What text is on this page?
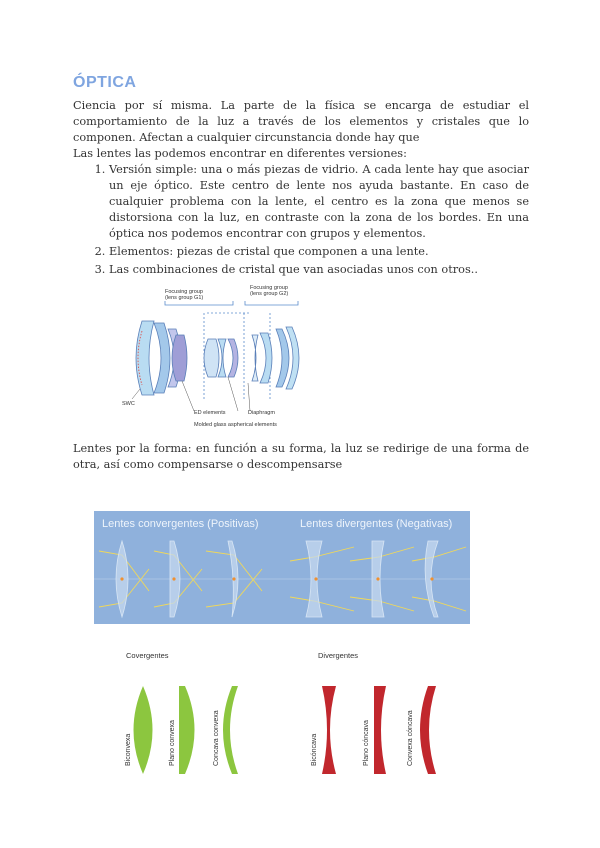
ÓPTICA

Ciencia por sí misma. La parte de la física se encarga de estudiar el comportamiento de la luz a través de los elementos y cristales que lo componen. Afectan a cualquier circunstancia donde hay que

Las lentes las podemos encontrar en diferentes versiones:

1. Versión simple: una o más piezas de vidrio. A cada lente hay que asociar un eje óptico. Este centro de lente nos ayuda bastante. En caso de cualquier problema con la lente, el centro es la zona que menos se distorsiona con la luz, en contraste con la zona de los bordes. En una óptica nos podemos encontrar con grupos y elementos.
2. Elementos: piezas de cristal que componen a una lente.
3. Las combinaciones de cristal que van asociadas unos con otros..
Focusing group
(lens group G1)
Focusing group
(lens group G2)
SWC
ED elements
Molded glass aspherical elements
Diaphragm

Lentes por la forma: en función a su forma, la luz se redirige de una forma de otra, así como compensarse o descompensarse

Lentes convergentes (Positivas)	Lentes divergentes (Negativas)
Covergentes	Divergentes
Biconvexa	Plano convexa	Concava convexa	Bicóncava	Plano cóncava	Convexa cóncava
